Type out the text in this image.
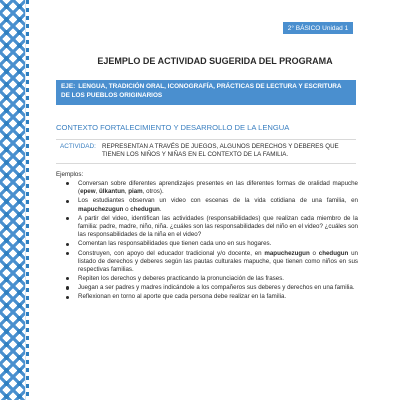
2° BÁSICO Unidad 1
EJEMPLO DE ACTIVIDAD SUGERIDA DEL PROGRAMA
EJE: LENGUA, TRADICIÓN ORAL, ICONOGRAFÍA, PRÁCTICAS DE LECTURA Y ESCRITURA DE LOS PUEBLOS ORIGINARIOS
CONTEXTO FORTALECIMIENTO Y DESARROLLO DE LA LENGUA
ACTIVIDAD: REPRESENTAN A TRAVÉS DE JUEGOS, ALGUNOS DERECHOS Y DEBERES QUE TIENEN LOS NIÑOS Y NIÑAS EN EL CONTEXTO DE LA FAMILIA.
Ejemplos:
Conversan sobre diferentes aprendizajes presentes en las diferentes formas de oralidad mapuche (epew, ülkantun, piam, otros).
Los estudiantes observan un video con escenas de la vida cotidiana de una familia, en mapuchezugun o chedugun.
A partir del video, identifican las actividades (responsabilidades) que realizan cada miembro de la familia: padre, madre, niño, niña. ¿cuáles son las responsabilidades del niño en el video? ¿cuáles son las responsabilidades de la niña en el video?
Comentan las responsabilidades que tienen cada uno en sus hogares.
Construyen, con apoyo del educador tradicional y/o docente, en mapuchezugun o chedugun un listado de derechos y deberes según las pautas culturales mapuche, que tienen como niños en sus respectivas familias.
Repiten los derechos y deberes practicando la pronunciación de las frases.
Juegan a ser padres y madres indicándole a los compañeros sus deberes y derechos en una familia.
Reflexionan en torno al aporte que cada persona debe realizar en la familia.
